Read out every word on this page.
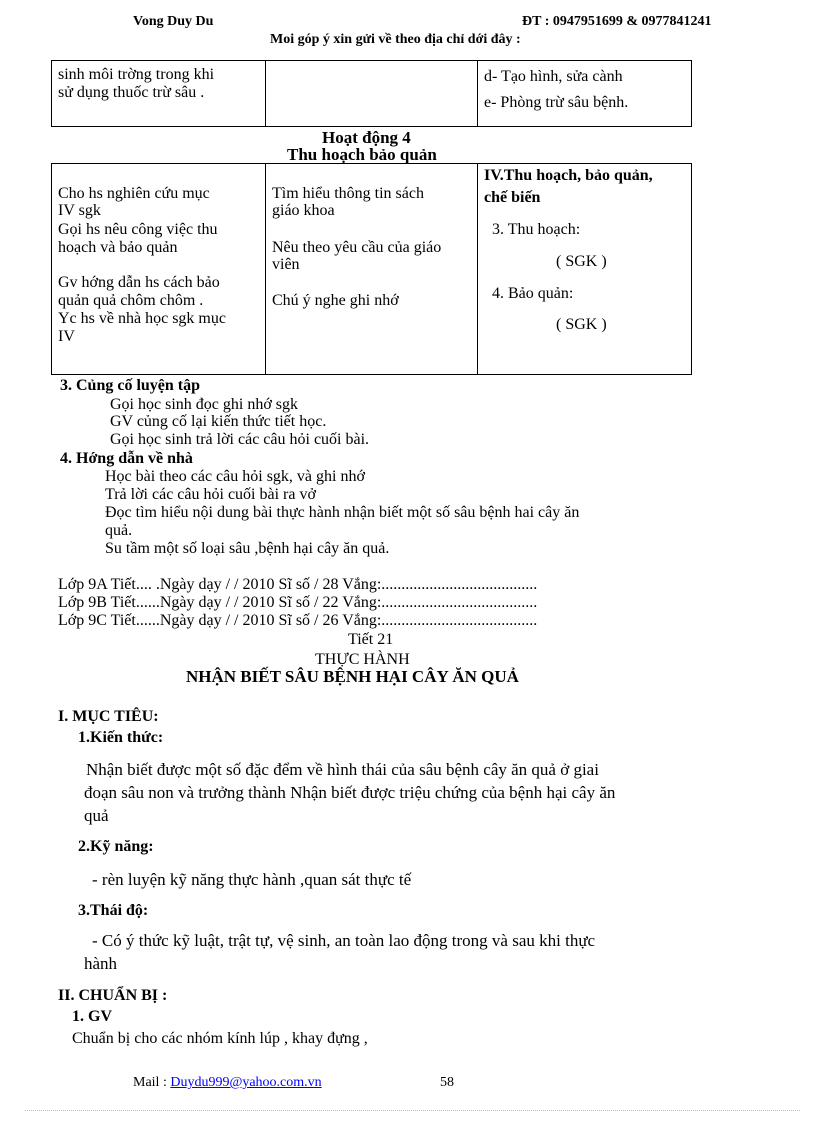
Vong Duy Du	ĐT : 0947951699 & 0977841241
Moi góp ý xin gửi về theo địa chỉ dới đây :
sinh môi trờng trong khi
sử dụng thuốc trừ sâu .

d- Tạo hình, sửa cành
e- Phòng trừ sâu bệnh.
Hoạt động 4
Thu hoạch bảo quản
Cho hs nghiên cứu mục
IV sgk
Gọi hs nêu công việc thu
hoạch và bảo quản
Gv hớng dẫn hs cách bảo
quản quả chôm chôm .
Yc hs về nhà học sgk mục
IV

Tìm hiểu thông tin sách
giáo khoa
Nêu theo yêu cầu của giáo
viên
Chú ý nghe ghi nhớ

IV.Thu hoạch, bảo quản,
chế biến
3. Thu hoạch:
( SGK )
4. Bảo quản:
( SGK )
3. Củng cố luyện tập
Gọi học sinh đọc ghi nhớ sgk
GV củng cố lại kiến thức tiết học.
Gọi học sinh trả lời các câu hỏi cuối bài.
4. Hớng dẫn về nhà
Học bài theo các câu hỏi sgk, và ghi nhớ
Trả lời các câu hỏi cuối bài ra vở
Đọc tìm hiểu nội dung bài thực hành nhận biết một số sâu bệnh hai cây ăn
quả.
Su tầm một số loại sâu ,bệnh hại cây ăn quả.
Lớp 9A Tiết.... .Ngày dạy / / 2010 Sĩ số / 28 Vắng:.......................................
Lớp 9B Tiết......Ngày dạy / / 2010 Sĩ số / 22 Vắng:.......................................
Lớp 9C Tiết......Ngày dạy / / 2010 Sĩ số / 26 Vắng:.......................................
Tiết 21
THỰC HÀNH
NHẬN BIẾT SÂU BỆNH HẠI CÂY ĂN QUẢ
I. MỤC TIÊU:
1.Kiến thức:
Nhận biết được một số đặc đểm về hình thái của sâu bệnh cây ăn quả ở giai
đoạn sâu non và trưởng thành Nhận biết được triệu chứng của bệnh hại cây ăn
quả
2.Kỹ năng:
- rèn luyện kỹ năng thực hành ,quan sát thực tế
3.Thái độ:
- Có ý thức kỹ luật, trật tự, vệ sinh, an toàn lao động trong và sau khi thực
hành
II. CHUẨN BỊ :
1. GV
Chuẩn bị cho các nhóm kính lúp , khay đựng ,
Mail : Duydu999@yahoo.com.vn	58
